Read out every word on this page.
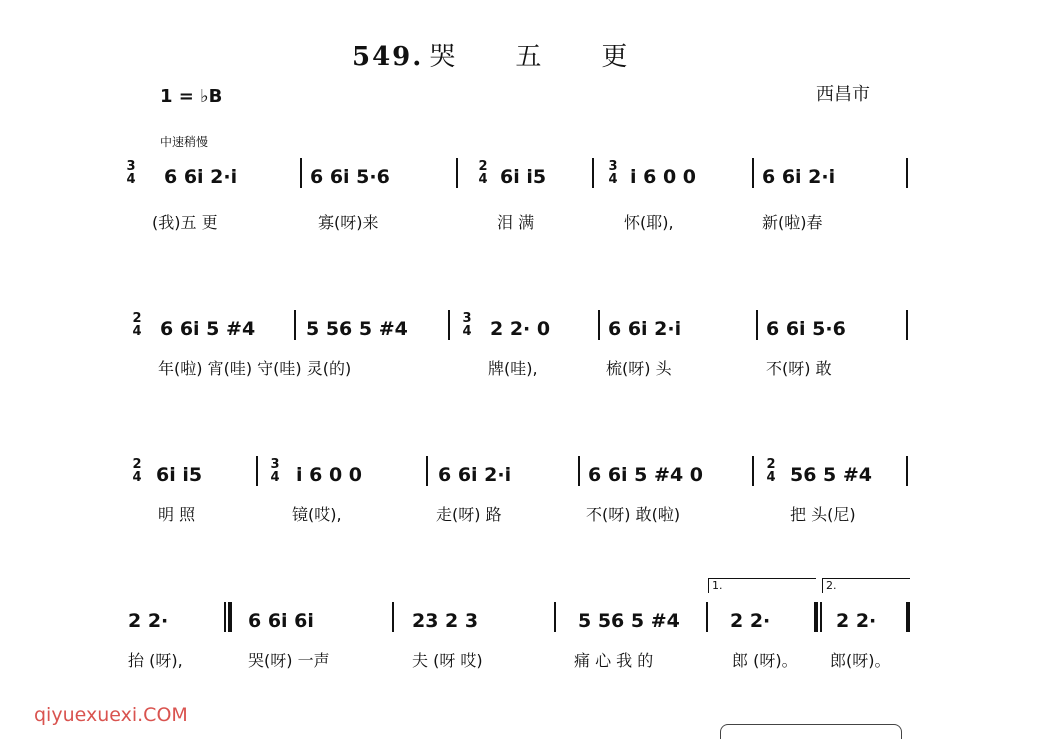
549. 哭 五 更
1 = ♭B	西昌市
中速稍慢
3
4
2
4
3
4
6 6i 2·i	6 6i 5·6	6i i5	i 6 0 0	6 6i 2·i
(我)五 更	寡(呀)来	泪 满	怀(耶),	新(啦)春
2
4
3
4
6 6i 5 #4	5 56 5 #4	2 2· 0	6 6i 2·i	6 6i 5·6
年(啦) 宵(哇) 守(哇) 灵(的)	牌(哇),	梳(呀) 头	不(呀) 敢
2
4
3
4
2
4
6i i5	i 6 0 0	6 6i 2·i	6 6i 5 #4 0	56 5 #4
明 照	镜(哎),	走(呀) 路	不(呀) 敢(啦)	把 头(尼)
1.	2.
2 2·	6 6i 6i	23 2 3	5 56 5 #4	2 2·	2 2·
抬 (呀),	哭(呀) 一声	夫 (呀 哎)	痛 心 我 的	郎 (呀)。 郎(呀)。
qiyuexuexi.COM
